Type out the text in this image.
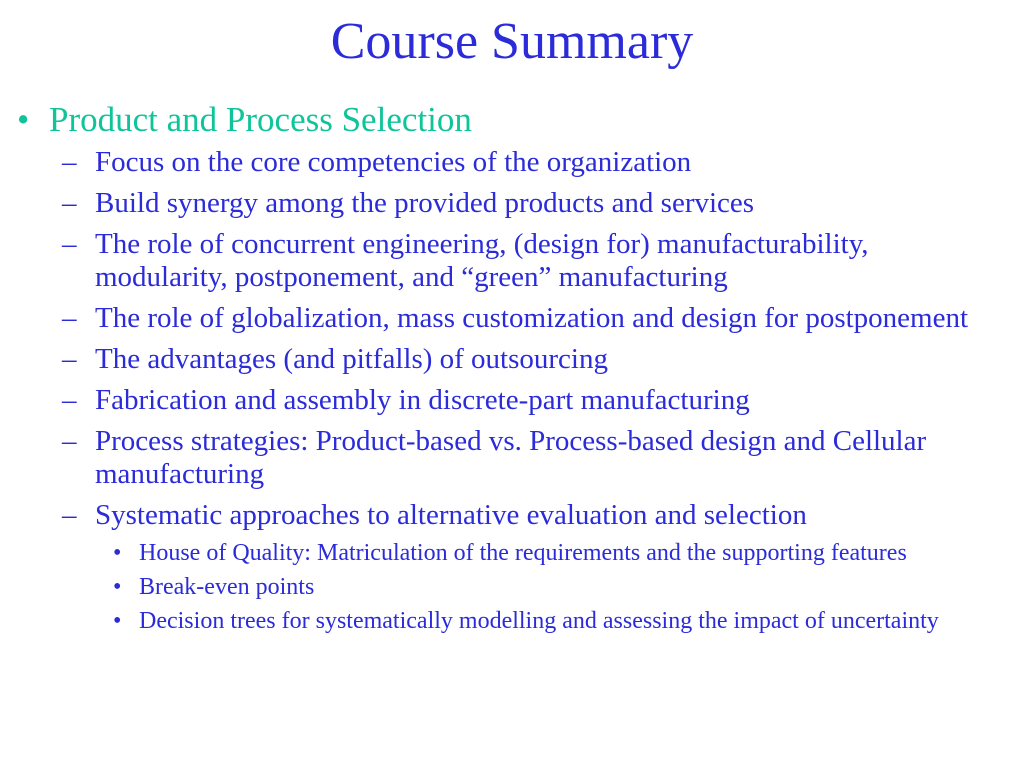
Course Summary
• Product and Process Selection
– Focus on the core competencies of the organization
– Build synergy among the provided products and services
– The role of concurrent engineering, (design for) manufacturability, modularity, postponement, and “green” manufacturing
– The role of globalization, mass customization and design for postponement
– The advantages (and pitfalls) of outsourcing
– Fabrication and assembly in discrete-part manufacturing
– Process strategies: Product-based vs. Process-based design and Cellular manufacturing
– Systematic approaches to alternative evaluation and selection
• House of Quality: Matriculation of the requirements and the supporting features
• Break-even points
• Decision trees for systematically modelling and assessing the impact of uncertainty
